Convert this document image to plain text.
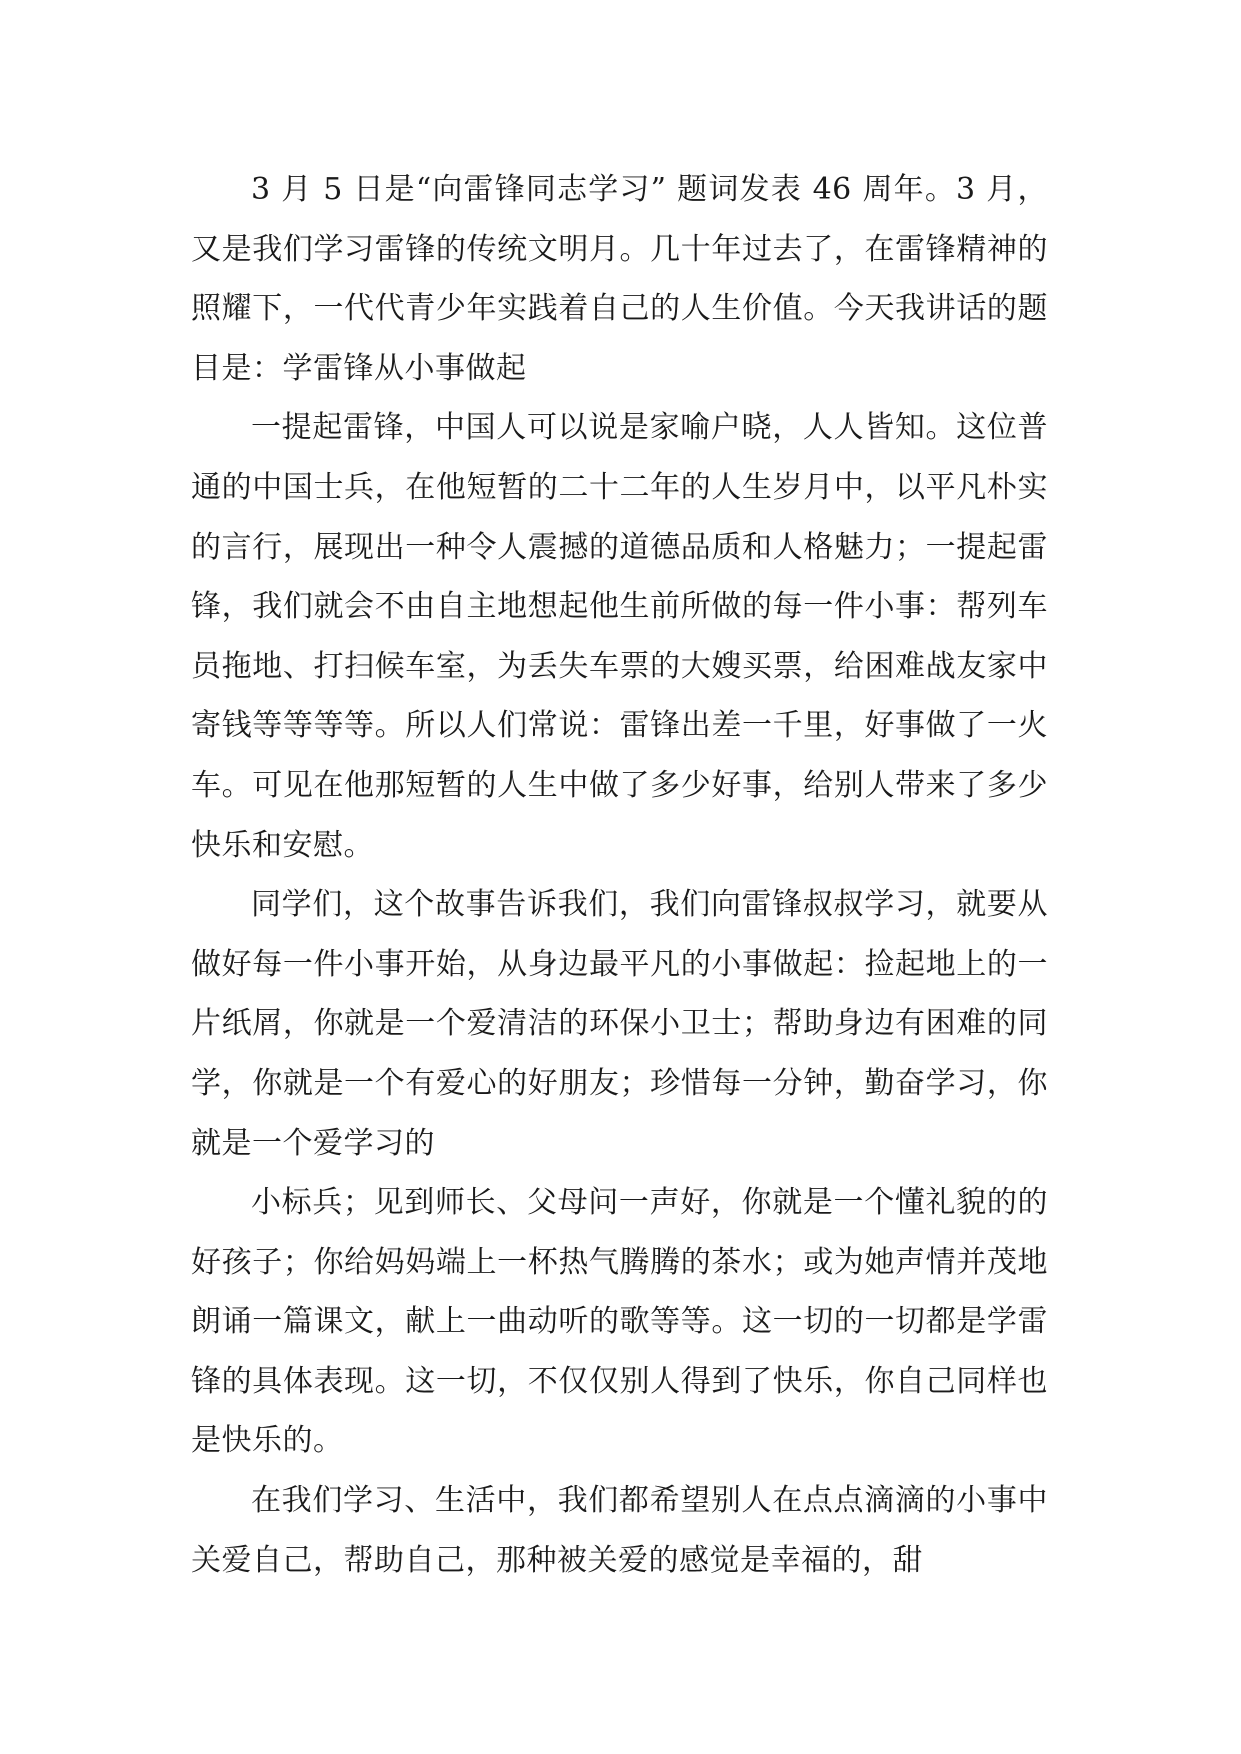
3 月 5 日是“向雷锋同志学习” 题词发表 46 周年。3 月，又是我们学习雷锋的传统文明月。几十年过去了，在雷锋精神的照耀下，一代代青少年实践着自己的人生价值。今天我讲话的题目是：学雷锋从小事做起

一提起雷锋，中国人可以说是家喻户晓，人人皆知。这位普通的中国士兵，在他短暂的二十二年的人生岁月中，以平凡朴实的言行，展现出一种令人震撼的道德品质和人格魅力；一提起雷锋，我们就会不由自主地想起他生前所做的每一件小事：帮列车员拖地、打扫候车室，为丢失车票的大嫂买票，给困难战友家中寄钱等等等等。所以人们常说：雷锋出差一千里，好事做了一火车。可见在他那短暂的人生中做了多少好事，给别人带来了多少快乐和安慰。

同学们，这个故事告诉我们，我们向雷锋叔叔学习，就要从做好每一件小事开始，从身边最平凡的小事做起：捡起地上的一片纸屑，你就是一个爱清洁的环保小卫士；帮助身边有困难的同学，你就是一个有爱心的好朋友；珍惜每一分钟，勤奋学习，你就是一个爱学习的

小标兵；见到师长、父母问一声好，你就是一个懂礼貌的的好孩子；你给妈妈端上一杯热气腾腾的茶水；或为她声情并茂地朗诵一篇课文，献上一曲动听的歌等等。这一切的一切都是学雷锋的具体表现。这一切，不仅仅别人得到了快乐，你自己同样也是快乐的。

在我们学习、生活中，我们都希望别人在点点滴滴的小事中关爱自己，帮助自己，那种被关爱的感觉是幸福的，甜
